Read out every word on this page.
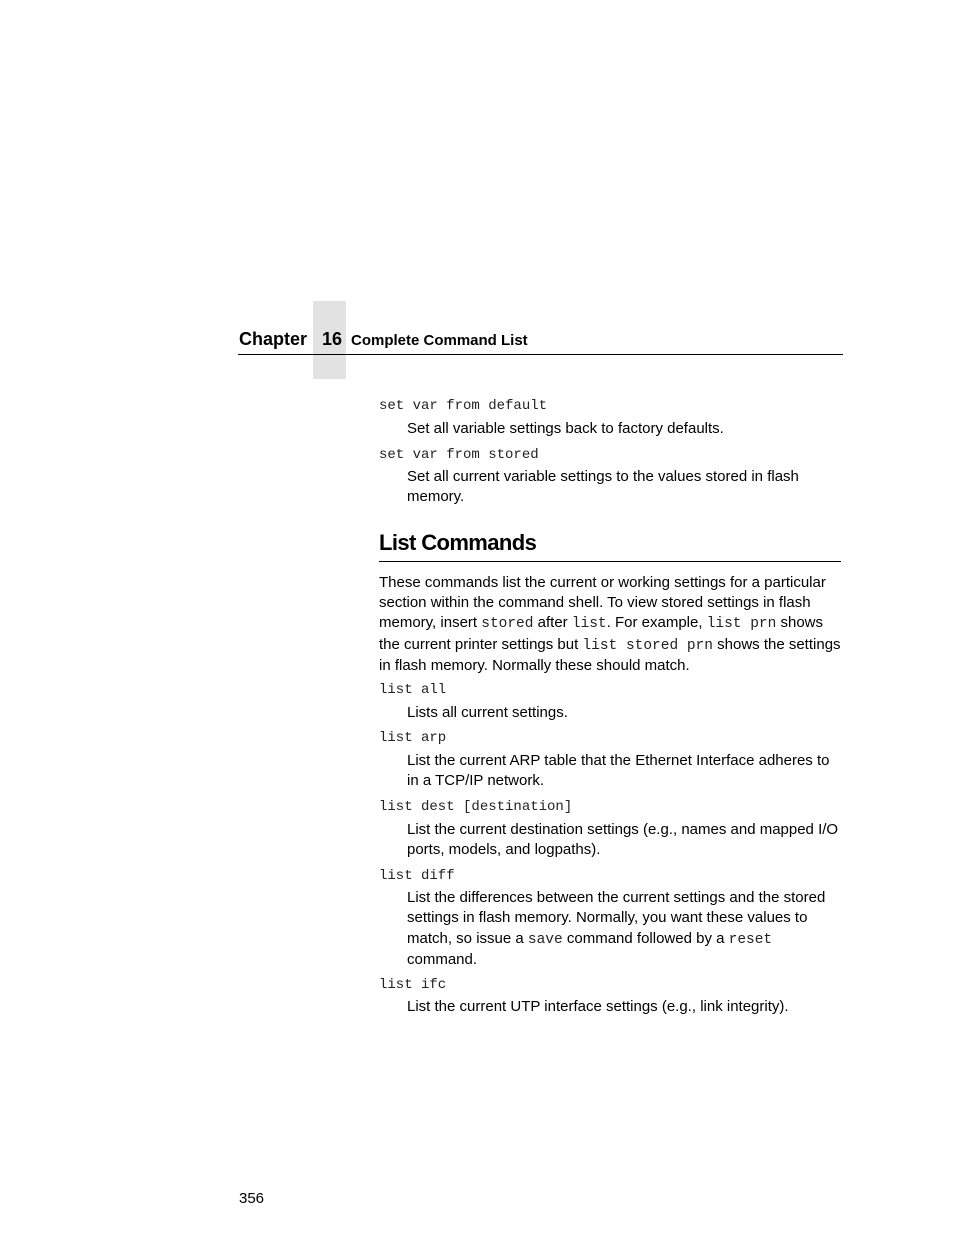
Chapter 16 Complete Command List
set var from default
Set all variable settings back to factory defaults.
set var from stored
Set all current variable settings to the values stored in flash memory.
List Commands
These commands list the current or working settings for a particular section within the command shell. To view stored settings in flash memory, insert stored after list. For example, list prn shows the current printer settings but list stored prn shows the settings in flash memory. Normally these should match.
list all
Lists all current settings.
list arp
List the current ARP table that the Ethernet Interface adheres to in a TCP/IP network.
list dest [destination]
List the current destination settings (e.g., names and mapped I/O ports, models, and logpaths).
list diff
List the differences between the current settings and the stored settings in flash memory. Normally, you want these values to match, so issue a save command followed by a reset command.
list ifc
List the current UTP interface settings (e.g., link integrity).
356
